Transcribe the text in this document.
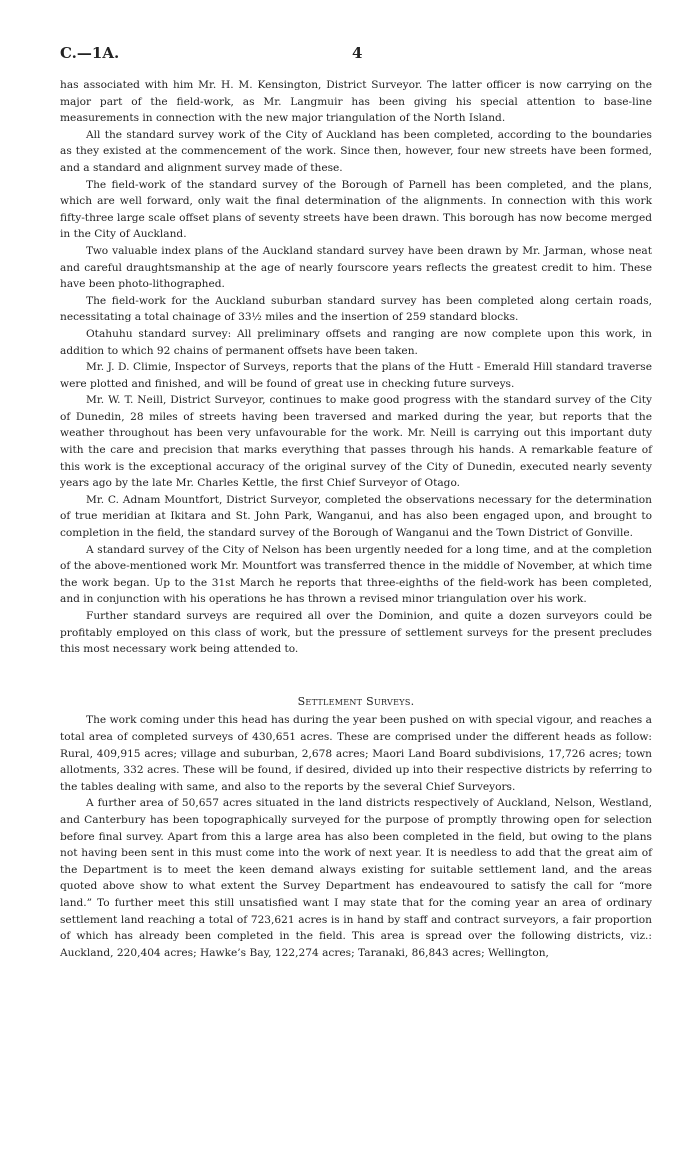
C.—1A.	4

has associated with him Mr. H. M. Kensington, District Surveyor. The latter officer is now carrying on the major part of the field-work, as Mr. Langmuir has been giving his special attention to base-line measurements in connection with the new major triangulation of the North Island.

All the standard survey work of the City of Auckland has been completed, according to the boundaries as they existed at the commencement of the work. Since then, however, four new streets have been formed, and a standard and alignment survey made of these.

The field-work of the standard survey of the Borough of Parnell has been completed, and the plans, which are well forward, only wait the final determination of the alignments. In connection with this work fifty-three large scale offset plans of seventy streets have been drawn. This borough has now become merged in the City of Auckland.

Two valuable index plans of the Auckland standard survey have been drawn by Mr. Jarman, whose neat and careful draughtsmanship at the age of nearly fourscore years reflects the greatest credit to him. These have been photo-lithographed.

The field-work for the Auckland suburban standard survey has been completed along certain roads, necessitating a total chainage of 33½ miles and the insertion of 259 standard blocks.

Otahuhu standard survey: All preliminary offsets and ranging are now complete upon this work, in addition to which 92 chains of permanent offsets have been taken.

Mr. J. D. Climie, Inspector of Surveys, reports that the plans of the Hutt - Emerald Hill standard traverse were plotted and finished, and will be found of great use in checking future surveys.

Mr. W. T. Neill, District Surveyor, continues to make good progress with the standard survey of the City of Dunedin, 28 miles of streets having been traversed and marked during the year, but reports that the weather throughout has been very unfavourable for the work. Mr. Neill is carrying out this important duty with the care and precision that marks everything that passes through his hands. A remarkable feature of this work is the exceptional accuracy of the original survey of the City of Dunedin, executed nearly seventy years ago by the late Mr. Charles Kettle, the first Chief Surveyor of Otago.

Mr. C. Adnam Mountfort, District Surveyor, completed the observations necessary for the determination of true meridian at Ikitara and St. John Park, Wanganui, and has also been engaged upon, and brought to completion in the field, the standard survey of the Borough of Wanganui and the Town District of Gonville.

A standard survey of the City of Nelson has been urgently needed for a long time, and at the completion of the above-mentioned work Mr. Mountfort was transferred thence in the middle of November, at which time the work began. Up to the 31st March he reports that three-eighths of the field-work has been completed, and in conjunction with his operations he has thrown a revised minor triangulation over his work.

Further standard surveys are required all over the Dominion, and quite a dozen surveyors could be profitably employed on this class of work, but the pressure of settlement surveys for the present precludes this most necessary work being attended to.

Settlement Surveys.

The work coming under this head has during the year been pushed on with special vigour, and reaches a total area of completed surveys of 430,651 acres. These are comprised under the different heads as follow: Rural, 409,915 acres; village and suburban, 2,678 acres; Maori Land Board subdivisions, 17,726 acres; town allotments, 332 acres. These will be found, if desired, divided up into their respective districts by referring to the tables dealing with same, and also to the reports by the several Chief Surveyors.

A further area of 50,657 acres situated in the land districts respectively of Auckland, Nelson, Westland, and Canterbury has been topographically surveyed for the purpose of promptly throwing open for selection before final survey. Apart from this a large area has also been completed in the field, but owing to the plans not having been sent in this must come into the work of next year. It is needless to add that the great aim of the Department is to meet the keen demand always existing for suitable settlement land, and the areas quoted above show to what extent the Survey Department has endeavoured to satisfy the call for “more land.” To further meet this still unsatisfied want I may state that for the coming year an area of ordinary settlement land reaching a total of 723,621 acres is in hand by staff and contract surveyors, a fair proportion of which has already been completed in the field. This area is spread over the following districts, viz.: Auckland, 220,404 acres; Hawke’s Bay, 122,274 acres; Taranaki, 86,843 acres; Wellington,
